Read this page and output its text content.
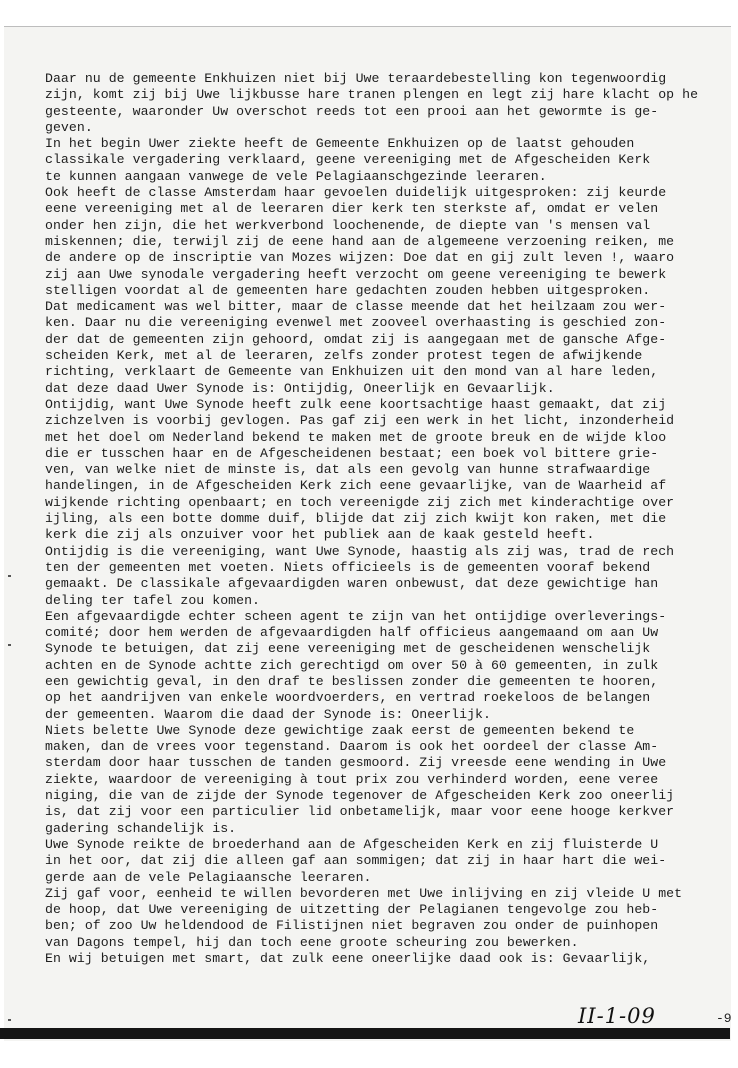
Daar nu de gemeente Enkhuizen niet bij Uwe teraardebestelling kon tegenwoordig
zijn, komt zij bij Uwe lijkbusse hare tranen plengen en legt zij hare klacht op he
gesteente, waaronder Uw overschot reeds tot een prooi aan het gewormte is ge-
geven.
In het begin Uwer ziekte heeft de Gemeente Enkhuizen op de laatst gehouden
classikale vergadering verklaard, geene vereeniging met de Afgescheiden Kerk
te kunnen aangaan vanwege de vele Pelagiaanschgezinde leeraren.
Ook heeft de classe Amsterdam haar gevoelen duidelijk uitgesproken: zij keurde
eene vereeniging met al de leeraren dier kerk ten sterkste af, omdat er velen
onder hen zijn, die het werkverbond loochenende, de diepte van 's mensen val
miskennen; die, terwijl zij de eene hand aan de algemeene verzoening reiken, me
de andere op de inscriptie van Mozes wijzen: Doe dat en gij zult leven !, waaro
zij aan Uwe synodale vergadering heeft verzocht om geene vereeniging te bewerk
stelligen voordat al de gemeenten hare gedachten zouden hebben uitgesproken.
Dat medicament was wel bitter, maar de classe meende dat het heilzaam zou wer-
ken. Daar nu die vereeniging evenwel met zooveel overhaasting is geschied zon-
der dat de gemeenten zijn gehoord, omdat zij is aangegaan met de gansche Afge-
scheiden Kerk, met al de leeraren, zelfs zonder protest tegen de afwijkende
richting, verklaart de Gemeente van Enkhuizen uit den mond van al hare leden,
dat deze daad Uwer Synode is: Ontijdig, Oneerlijk en Gevaarlijk.
Ontijdig, want Uwe Synode heeft zulk eene koortsachtige haast gemaakt, dat zij
zichzelven is voorbij gevlogen. Pas gaf zij een werk in het licht, inzonderheid
met het doel om Nederland bekend te maken met de groote breuk en de wijde kloo
die er tusschen haar en de Afgescheidenen bestaat; een boek vol bittere grie-
ven, van welke niet de minste is, dat als een gevolg van hunne strafwaardige
handelingen, in de Afgescheiden Kerk zich eene gevaarlijke, van de Waarheid af
wijkende richting openbaart; en toch vereenigde zij zich met kinderachtige over
ijling, als een botte domme duif, blijde dat zij zich kwijt kon raken, met die
kerk die zij als onzuiver voor het publiek aan de kaak gesteld heeft.
Ontijdig is die vereeniging, want Uwe Synode, haastig als zij was, trad de rech
ten der gemeenten met voeten. Niets officieels is de gemeenten vooraf bekend
gemaakt. De classikale afgevaardigden waren onbewust, dat deze gewichtige han
deling ter tafel zou komen.
Een afgevaardigde echter scheen agent te zijn van het ontijdige overleverings-
comité; door hem werden de afgevaardigden half officieus aangemaand om aan Uw
Synode te betuigen, dat zij eene vereeniging met de gescheidenen wenschelijk
achten en de Synode achtte zich gerechtigd om over 50 à 60 gemeenten, in zulk
een gewichtig geval, in den draf te beslissen zonder die gemeenten te hooren,
op het aandrijven van enkele woordvoerders, en vertrad roekeloos de belangen
der gemeenten. Waarom die daad der Synode is: Oneerlijk.
Niets belette Uwe Synode deze gewichtige zaak eerst de gemeenten bekend te
maken, dan de vrees voor tegenstand. Daarom is ook het oordeel der classe Am-
sterdam door haar tusschen de tanden gesmoord. Zij vreesde eene wending in Uwe
ziekte, waardoor de vereeniging à tout prix zou verhinderd worden, eene veree
niging, die van de zijde der Synode tegenover de Afgescheiden Kerk zoo oneerlij
is, dat zij voor een particulier lid onbetamelijk, maar voor eene hooge kerkver
gadering schandelijk is.
Uwe Synode reikte de broederhand aan de Afgescheiden Kerk en zij fluisterde U
in het oor, dat zij die alleen gaf aan sommigen; dat zij in haar hart die wei-
gerde aan de vele Pelagiaansche leeraren.
Zij gaf voor, eenheid te willen bevorderen met Uwe inlijving en zij vleide U met
de hoop, dat Uwe vereeniging de uitzetting der Pelagianen tengevolge zou heb-
ben; of zoo Uw heldendood de Filistijnen niet begraven zou onder de puinhopen
van Dagons tempel, hij dan toch eene groote scheuring zou bewerken.
En wij betuigen met smart, dat zulk eene oneerlijke daad ook is: Gevaarlijk,
II-1-09	-9
